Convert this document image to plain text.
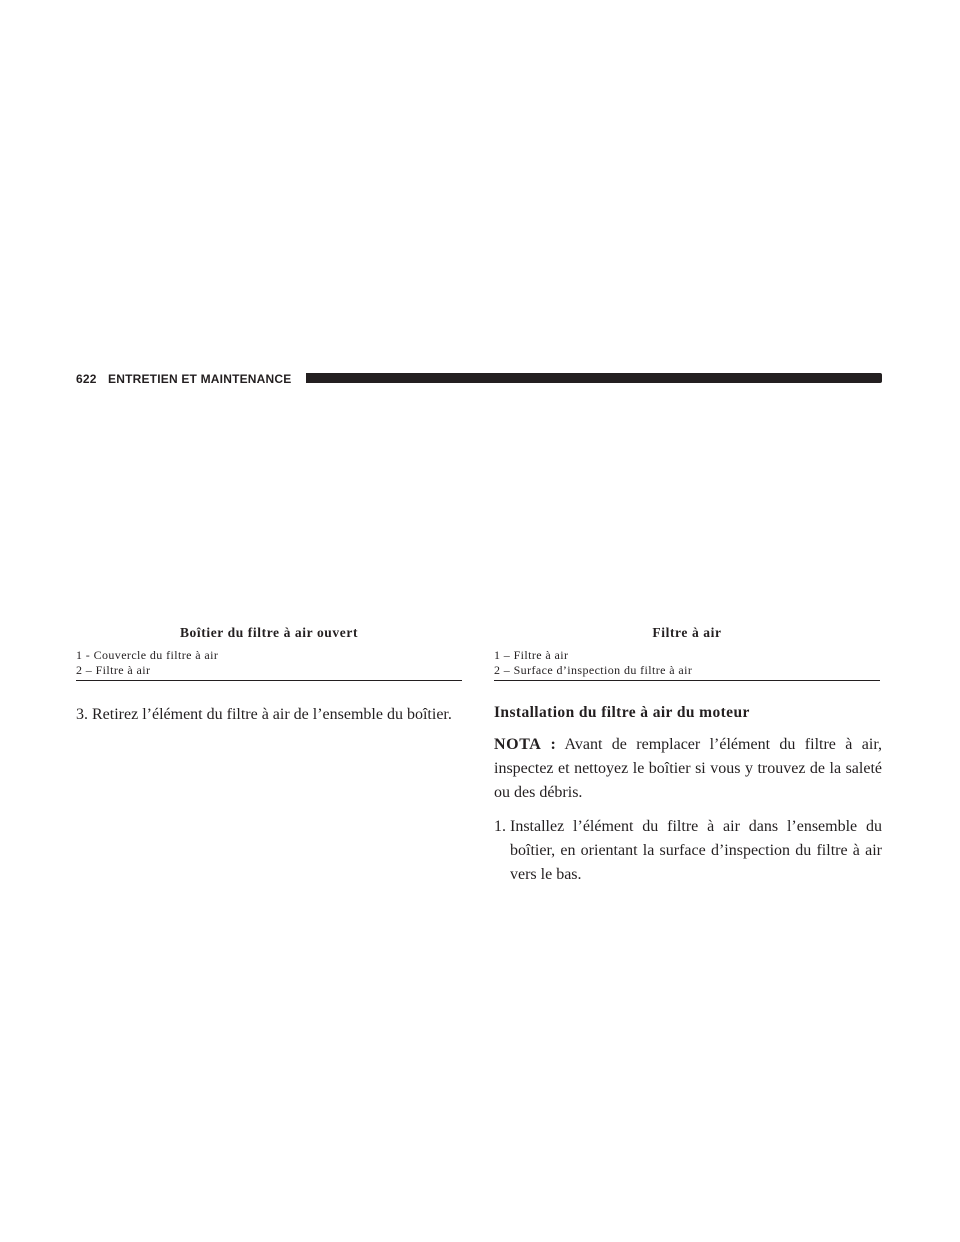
622 ENTRETIEN ET MAINTENANCE
Boîtier du filtre à air ouvert
1 - Couvercle du filtre à air
2 – Filtre à air
Filtre à air
1 – Filtre à air
2 – Surface d’inspection du filtre à air
3. Retirez l’élément du filtre à air de l’ensemble du boîtier.	Installation du filtre à air du moteur
NOTA : Avant de remplacer l’élément du filtre à air, inspectez et nettoyez le boîtier si vous y trouvez de la saleté ou des débris.
1. Installez l’élément du filtre à air dans l’ensemble du boîtier, en orientant la surface d’inspection du filtre à air vers le bas.
